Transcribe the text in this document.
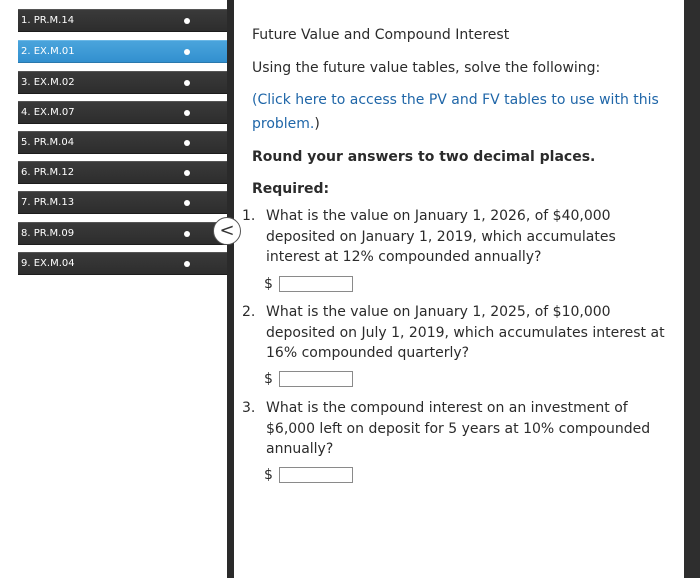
1. PR.M.14
2. EX.M.01
3. EX.M.02
4. EX.M.07
5. PR.M.04
6. PR.M.12
7. PR.M.13
8. PR.M.09
9. EX.M.04
Future Value and Compound Interest
Using the future value tables, solve the following:
(Click here to access the PV and FV tables to use with this
problem.)
Round your answers to two decimal places.
Required:
1. What is the value on January 1, 2026, of $40,000
deposited on January 1, 2019, which accumulates
interest at 12% compounded annually?
$
2. What is the value on January 1, 2025, of $10,000
deposited on July 1, 2019, which accumulates interest at
16% compounded quarterly?
$
3. What is the compound interest on an investment of
$6,000 left on deposit for 5 years at 10% compounded
annually?
$
<
